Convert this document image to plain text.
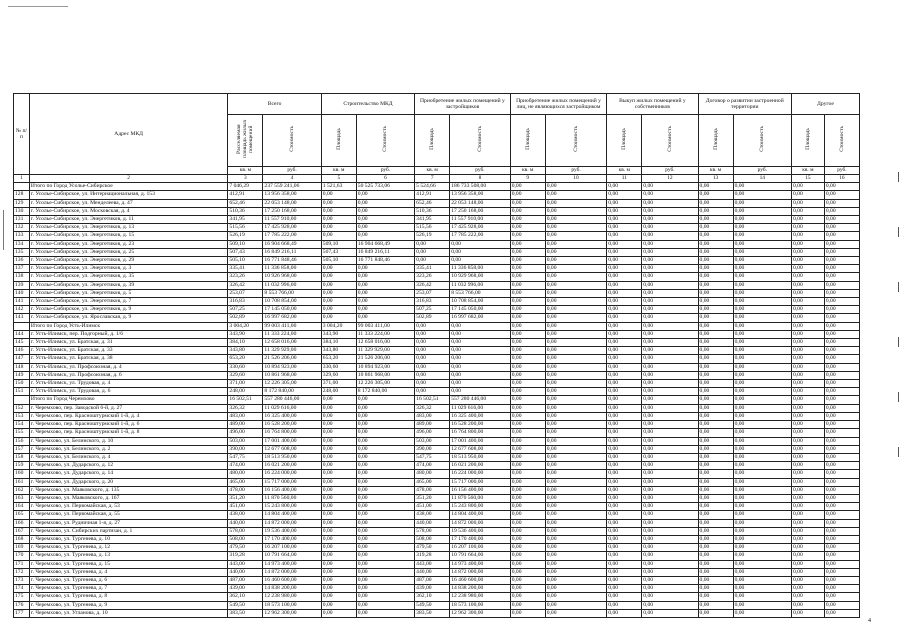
№ п/п	Адрес МКД	Всего		Строительство МКД		Приобретение жилых помещений у застройщиков		Приобретение жилых помещений у лиц, не являющихся застройщиком		Выкуп жилых помещений у собственников		Договор о развитии застроенной территории		Другое	
		Расселяемая площадь жилых помещений	Стоимость	Площадь	Стоимость	Площадь	Стоимость	Площадь	Стоимость	Площадь	Стоимость	Площадь	Стоимость	Площадь	Стоимость
		кв. м	руб.	кв. м	руб.	кв. м	руб.	кв. м	руб.	кв. м	руб.	кв. м	руб.	кв. м	руб.
1	2	3	4	5	6	7	8	9	10	11	12	13	14	15	16
	Итого по Город Усолье-Сибирское	7 046,29	237 559 241,06	1 521,63	50 525 733,06	5 524,66	186 733 508,00	0,00	0,00	0,00	0,00	0,00	0,00	0,00	0,00
128	г. Усолье-Сибирское, ул. Интернациональная, д. 153	412,91	13 956 358,00	0,00	0,00	412,91	13 956 358,00	0,00	0,00	0,00	0,00	0,00	0,00	0,00	0,00
129	г. Усолье-Сибирское, ул. Менделеева, д. 47	652,46	22 053 148,00	0,00	0,00	652,46	22 053 148,00	0,00	0,00	0,00	0,00	0,00	0,00	0,00	0,00
130	г. Усолье-Сибирское, ул. Московская, д. 4	510,36	17 250 168,00	0,00	0,00	510,36	17 250 168,00	0,00	0,00	0,00	0,00	0,00	0,00	0,00	0,00
131	г. Усолье-Сибирское, ул. Энергетиков, д. 11	341,95	11 557 910,00	0,00	0,00	341,95	11 557 910,00	0,00	0,00	0,00	0,00	0,00	0,00	0,00	0,00
132	г. Усолье-Сибирское, ул. Энергетиков, д. 13	515,56	17 425 928,00	0,00	0,00	515,56	17 425 928,00	0,00	0,00	0,00	0,00	0,00	0,00	0,00	0,00
133	г. Усолье-Сибирское, ул. Энергетиков, д. 15	526,19	17 785 222,00	0,00	0,00	526,19	17 785 222,00	0,00	0,00	0,00	0,00	0,00	0,00	0,00	0,00
134	г. Усолье-Сибирское, ул. Энергетиков, д. 23	509,10	16 904 668,49	509,10	16 904 668,49	0,00	0,00	0,00	0,00	0,00	0,00	0,00	0,00	0,00	0,00
135	г. Усолье-Сибирское, ул. Энергетиков, д. 25	507,43	16 849 216,11	507,43	16 849 216,11	0,00	0,00	0,00	0,00	0,00	0,00	0,00	0,00	0,00	0,00
136	г. Усолье-Сибирское, ул. Энергетиков, д. 29	505,10	16 771 848,46	505,10	16 771 848,46	0,00	0,00	0,00	0,00	0,00	0,00	0,00	0,00	0,00	0,00
137	г. Усолье-Сибирское, ул. Энергетиков, д. 3	335,41	11 336 858,00	0,00	0,00	335,41	11 336 858,00	0,00	0,00	0,00	0,00	0,00	0,00	0,00	0,00
138	г. Усолье-Сибирское, ул. Энергетиков, д. 35	323,26	10 926 968,00	0,00	0,00	323,26	10 929 968,00	0,00	0,00	0,00	0,00	0,00	0,00	0,00	0,00
139	г. Усолье-Сибирское, ул. Энергетиков, д. 39	326,42	11 032 996,00	0,00	0,00	326,42	11 032 996,00	0,00	0,00	0,00	0,00	0,00	0,00	0,00	0,00
140	г. Усолье-Сибирское, ул. Энергетиков, д. 5	253,07	8 553 766,00	0,00	0,00	253,07	8 553 766,00	0,00	0,00	0,00	0,00	0,00	0,00	0,00	0,00
141	г. Усолье-Сибирское, ул. Энергетиков, д. 7	316,83	10 708 854,00	0,00	0,00	316,83	10 708 854,00	0,00	0,00	0,00	0,00	0,00	0,00	0,00	0,00
142	г. Усолье-Сибирское, ул. Энергетиков, д. 9	507,25	17 145 050,00	0,00	0,00	507,25	17 145 050,00	0,00	0,00	0,00	0,00	0,00	0,00	0,00	0,00
143	г. Усолье-Сибирское, ул. Ярославская, д. 9	502,89	16 997 682,00	0,00	0,00	502,89	16 997 682,00	0,00	0,00	0,00	0,00	0,00	0,00	0,00	0,00
	Итого по Город Усть-Илимск	3 004,20	99 003 411,00	3 004,20	99 003 411,00	0,00	0,00	0,00	0,00	0,00	0,00	0,00	0,00	0,00	0,00
144	г. Усть-Илимск, пер. Подгорный, д. 1/6	343,90	11 333 224,00	343,90	11 333 224,00	0,00	0,00	0,00	0,00	0,00	0,00	0,00	0,00	0,00	0,00
145	г. Усть-Илимск, ул. Братская, д. 31	384,10	12 658 016,00	384,10	12 658 016,00	0,00	0,00	0,00	0,00	0,00	0,00	0,00	0,00	0,00	0,00
146	г. Усть-Илимск, ул. Братская, д. 33	343,80	11 329 929,00	343,80	11 329 929,00	0,00	0,00	0,00	0,00	0,00	0,00	0,00	0,00	0,00	0,00
147	г. Усть-Илимск, ул. Братская, д. 38	653,20	21 526 206,00	653,20	21 526 206,00	0,00	0,00	0,00	0,00	0,00	0,00	0,00	0,00	0,00	0,00
148	г. Усть-Илимск, ул. Профсоюзная, д. 4	330,60	10 894 923,00	330,60	10 894 923,00	0,00	0,00	0,00	0,00	0,00	0,00	0,00	0,00	0,00	0,00
149	г. Усть-Илимск, ул. Профсоюзная, д. 6	329,60	10 861 968,00	329,60	10 861 968,00	0,00	0,00	0,00	0,00	0,00	0,00	0,00	0,00	0,00	0,00
150	г. Усть-Илимск, ул. Трудовая, д. 4	371,00	12 226 305,00	371,00	12 226 305,00	0,00	0,00	0,00	0,00	0,00	0,00	0,00	0,00	0,00	0,00
151	г. Усть-Илимск, ул. Трудовая, д. 6	248,00	8 172 840,00	248,00	8 172 840,00	0,00	0,00	0,00	0,00	0,00	0,00	0,00	0,00	0,00	0,00
	Итого по Город Черемхово	16 502,51	557 280 446,00	0,00	0,00	16 502,51	557 280 446,00	0,00	0,00	0,00	0,00	0,00	0,00	0,00	0,00
152	г. Черемхово, пер. Заводской 6-й, д. 27	326,32	11 029 616,00	0,00	0,00	326,32	11 029 616,00	0,00	0,00	0,00	0,00	0,00	0,00	0,00	0,00
153	г. Черемхово, пер. Красноштурмский 1-й, д. 4	483,00	16 325 400,00	0,00	0,00	483,00	16 325 400,00	0,00	0,00	0,00	0,00	0,00	0,00	0,00	0,00
154	г. Черемхово, пер. Красноштурмский 1-й, д. 6	489,00	16 528 200,00	0,00	0,00	489,00	16 528 200,00	0,00	0,00	0,00	0,00	0,00	0,00	0,00	0,00
155	г. Черемхово, пер. Красноштурмский 1-й, д. 8	496,00	16 764 800,00	0,00	0,00	496,00	16 764 800,00	0,00	0,00	0,00	0,00	0,00	0,00	0,00	0,00
156	г. Черемхово, ул. Белинского, д. 10	503,00	17 001 400,00	0,00	0,00	503,00	17 001 400,00	0,00	0,00	0,00	0,00	0,00	0,00	0,00	0,00
157	г. Черемхово, ул. Белинского, д. 2	390,00	12 677 608,00	0,00	0,00	390,00	12 677 608,00	0,00	0,00	0,00	0,00	0,00	0,00	0,00	0,00
158	г. Черемхово, ул. Белинского, д. 4	547,75	18 513 950,00	0,00	0,00	547,75	18 513 950,00	0,00	0,00	0,00	0,00	0,00	0,00	0,00	0,00
159	г. Черемхово, ул. Дударского, д. 12	474,00	16 021 200,00	0,00	0,00	474,00	16 021 200,00	0,00	0,00	0,00	0,00	0,00	0,00	0,00	0,00
160	г. Черемхово, ул. Дударского, д. 14	480,00	16 224 000,00	0,00	0,00	480,00	16 224 000,00	0,00	0,00	0,00	0,00	0,00	0,00	0,00	0,00
161	г. Черемхово, ул. Дударского, д. 20	465,00	15 717 000,00	0,00	0,00	465,00	15 717 000,00	0,00	0,00	0,00	0,00	0,00	0,00	0,00	0,00
162	г. Черемхово, ул. Маяковского, д. 135	478,00	16 156 400,00	0,00	0,00	478,00	16 156 400,00	0,00	0,00	0,00	0,00	0,00	0,00	0,00	0,00
163	г. Черемхово, ул. Маяковского, д. 167	351,20	11 870 560,00	0,00	0,00	351,20	11 870 560,00	0,00	0,00	0,00	0,00	0,00	0,00	0,00	0,00
164	г. Черемхово, ул. Первомайская, д. 53	451,00	15 243 800,00	0,00	0,00	451,00	15 243 800,00	0,00	0,00	0,00	0,00	0,00	0,00	0,00	0,00
165	г. Черемхово, ул. Первомайская, д. 55	438,00	14 804 400,00	0,00	0,00	438,00	14 804 400,00	0,00	0,00	0,00	0,00	0,00	0,00	0,00	0,00
166	г. Черемхово, ул. Рудничная 1-я, д. 27	440,00	14 872 000,00	0,00	0,00	440,00	14 872 000,00	0,00	0,00	0,00	0,00	0,00	0,00	0,00	0,00
167	г. Черемхово, ул. Сибирских партизан, д. 1	578,00	19 536 400,00	0,00	0,00	578,00	19 536 400,00	0,00	0,00	0,00	0,00	0,00	0,00	0,00	0,00
168	г. Черемхово, ул. Тургенева, д. 10	508,00	17 170 400,00	0,00	0,00	508,00	17 170 400,00	0,00	0,00	0,00	0,00	0,00	0,00	0,00	0,00
169	г. Черемхово, ул. Тургенева, д. 12	479,50	16 207 100,00	0,00	0,00	479,50	16 207 100,00	0,00	0,00	0,00	0,00	0,00	0,00	0,00	0,00
170	г. Черемхово, ул. Тургенева, д. 13	319,28	10 791 664,00	0,00	0,00	319,28	10 791 664,00	0,00	0,00	0,00	0,00	0,00	0,00	0,00	0,00
171	г. Черемхово, ул. Тургенева, д. 15	443,00	14 973 400,00	0,00	0,00	443,00	14 973 400,00	0,00	0,00	0,00	0,00	0,00	0,00	0,00	0,00
172	г. Черемхово, ул. Тургенева, д. 4	440,00	14 872 000,00	0,00	0,00	440,00	14 872 000,00	0,00	0,00	0,00	0,00	0,00	0,00	0,00	0,00
173	г. Черемхово, ул. Тургенева, д. 6	487,00	16 460 600,00	0,00	0,00	487,00	16 460 600,00	0,00	0,00	0,00	0,00	0,00	0,00	0,00	0,00
174	г. Черемхово, ул. Тургенева, д. 7	439,00	14 838 200,00	0,00	0,00	439,00	14 838 200,00	0,00	0,00	0,00	0,00	0,00	0,00	0,00	0,00
175	г. Черемхово, ул. Тургенева, д. 8	362,10	12 238 980,00	0,00	0,00	362,10	12 238 980,00	0,00	0,00	0,00	0,00	0,00	0,00	0,00	0,00
176	г. Черемхово, ул. Тургенева, д. 9	549,50	18 573 100,00	0,00	0,00	549,50	18 573 100,00	0,00	0,00	0,00	0,00	0,00	0,00	0,00	0,00
177	г. Черемхово, ул. Угланова, д. 10	383,50	12 962 300,00	0,00	0,00	383,50	12 962 300,00	0,00	0,00	0,00	0,00	0,00	0,00	0,00	0,00
4
